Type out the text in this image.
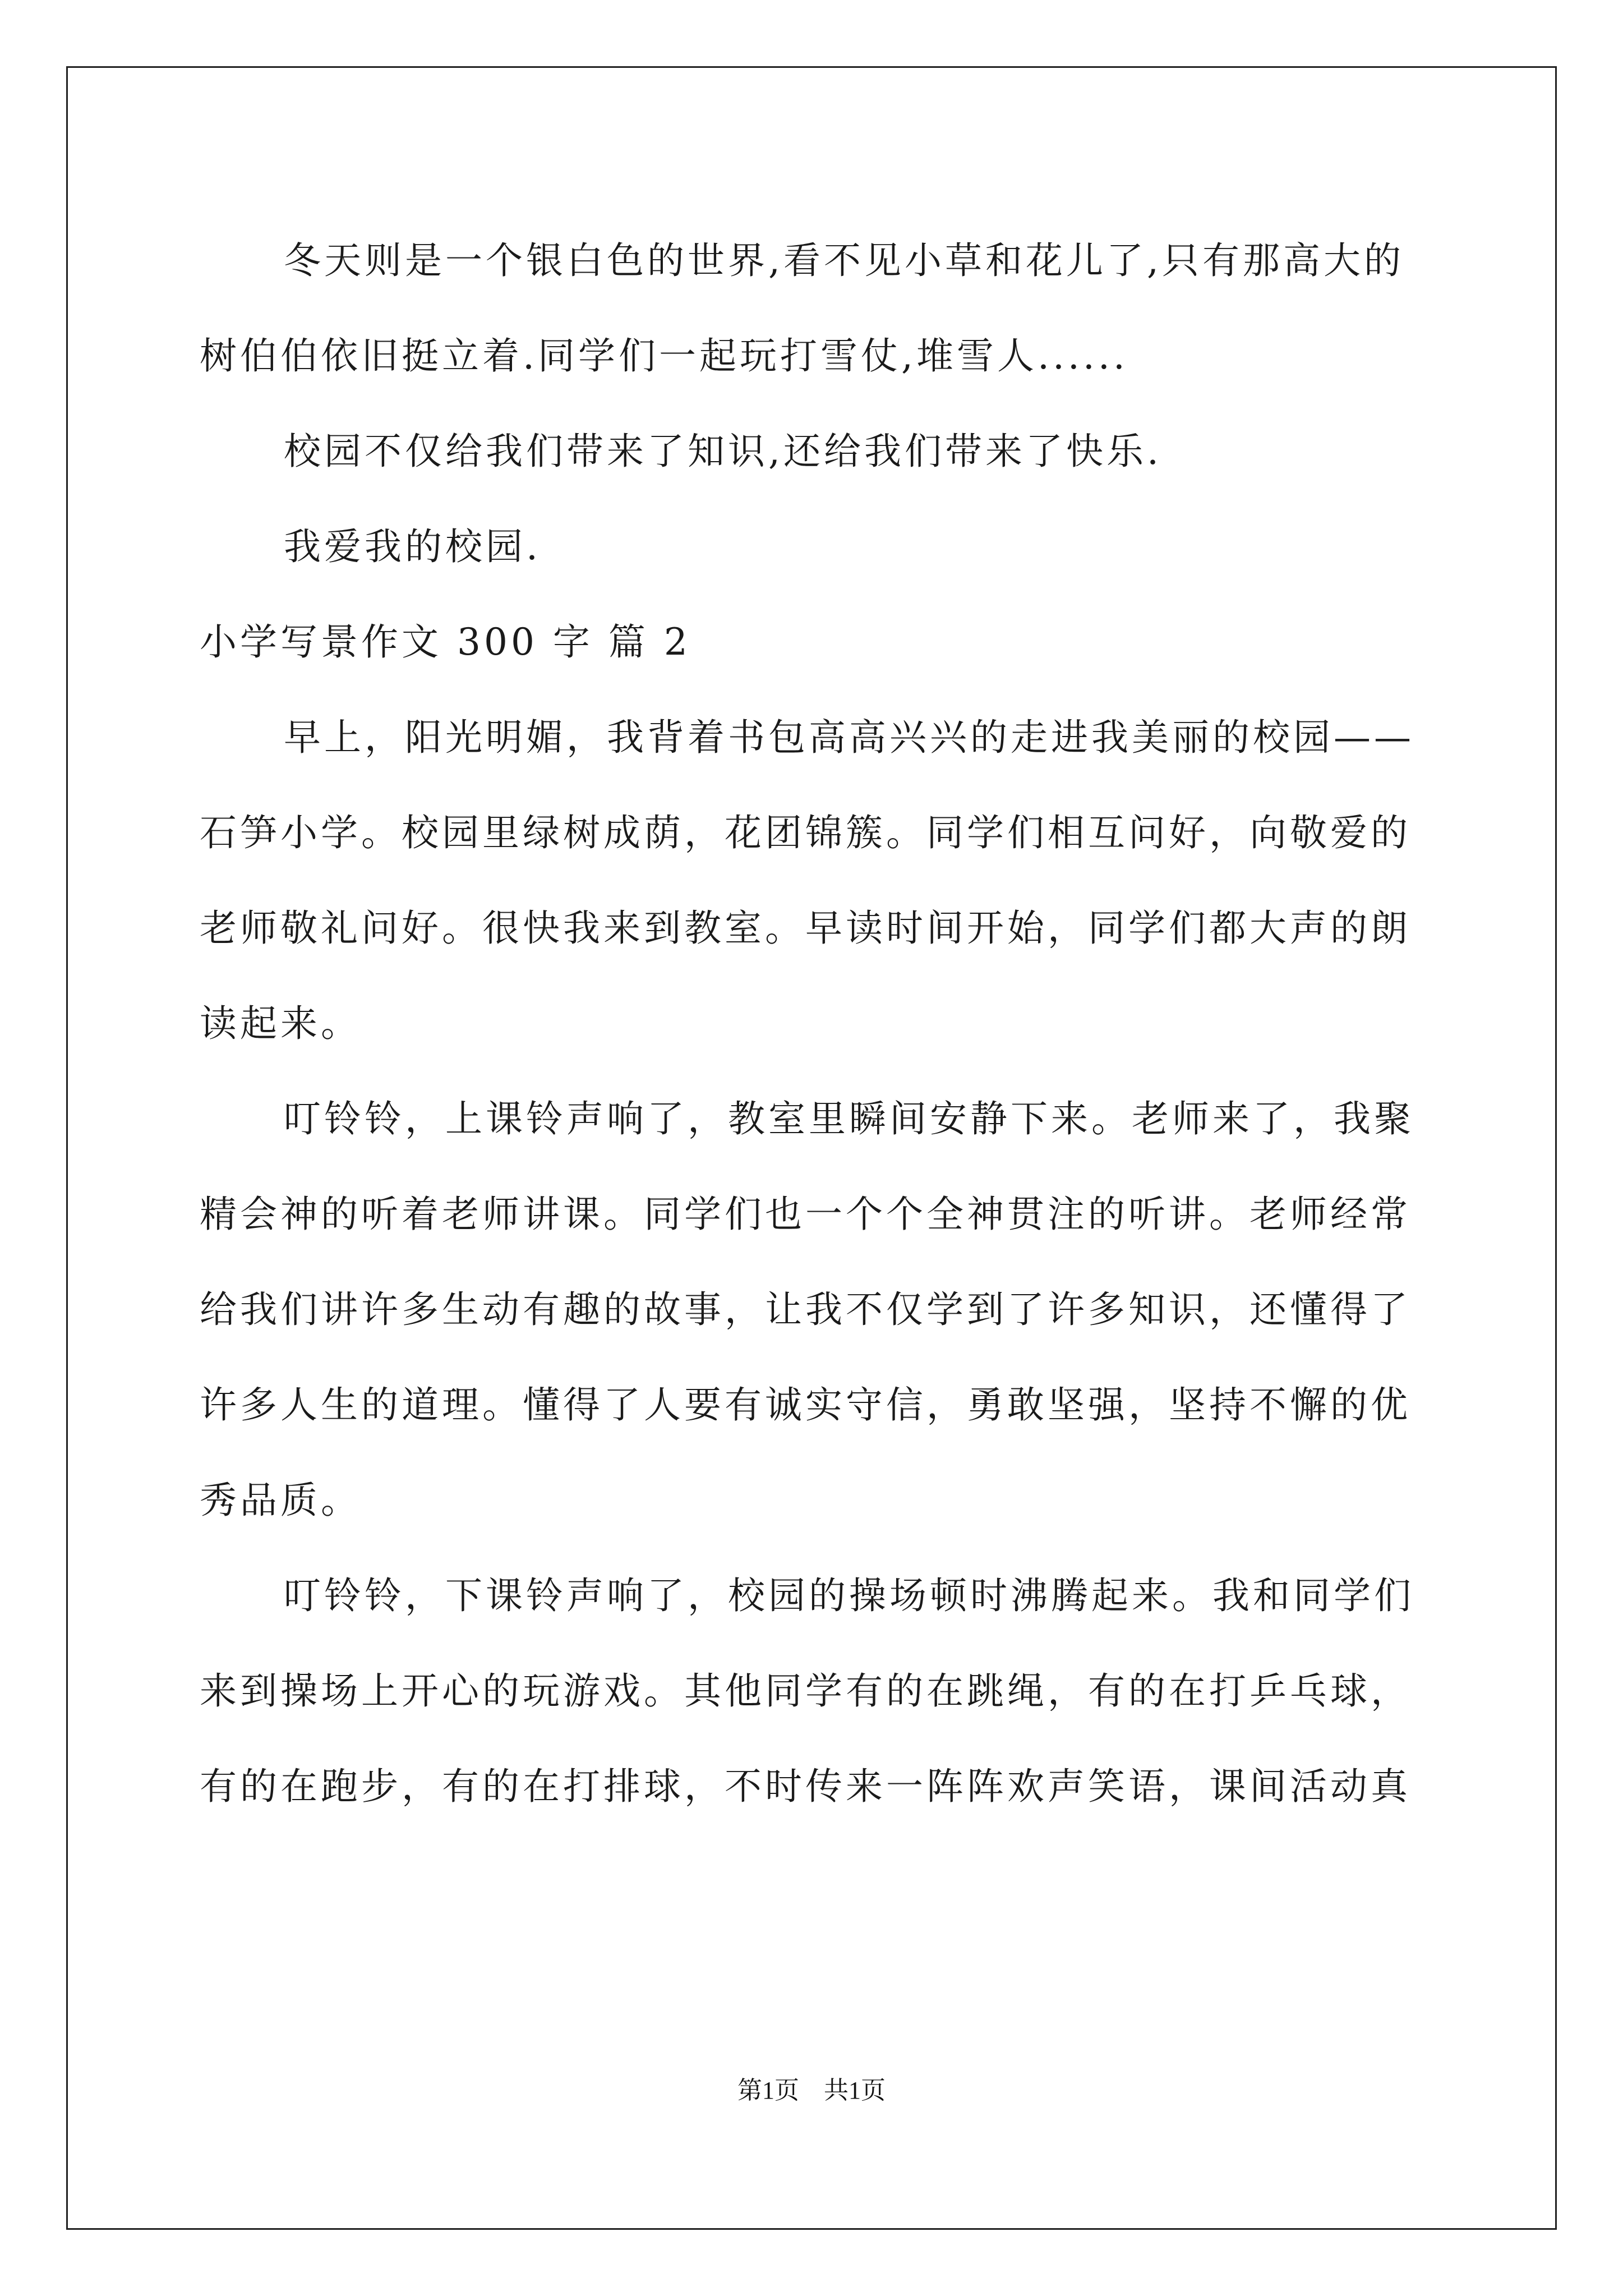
冬天则是一个银白色的世界,看不见小草和花儿了,只有那高大的
树伯伯依旧挺立着.同学们一起玩打雪仗,堆雪人......
校园不仅给我们带来了知识,还给我们带来了快乐.
我爱我的校园.
小学写景作文 300 字 篇 2
早上，阳光明媚，我背着书包高高兴兴的走进我美丽的校园——
石笋小学。校园里绿树成荫，花团锦簇。同学们相互问好，向敬爱的
老师敬礼问好。很快我来到教室。早读时间开始，同学们都大声的朗
读起来。
叮铃铃，上课铃声响了，教室里瞬间安静下来。老师来了，我聚
精会神的听着老师讲课。同学们也一个个全神贯注的听讲。老师经常
给我们讲许多生动有趣的故事，让我不仅学到了许多知识，还懂得了
许多人生的道理。懂得了人要有诚实守信，勇敢坚强，坚持不懈的优
秀品质。
叮铃铃，下课铃声响了，校园的操场顿时沸腾起来。我和同学们
来到操场上开心的玩游戏。其他同学有的在跳绳，有的在打乒乓球，
有的在跑步，有的在打排球，不时传来一阵阵欢声笑语，课间活动真
第1页　共1页
